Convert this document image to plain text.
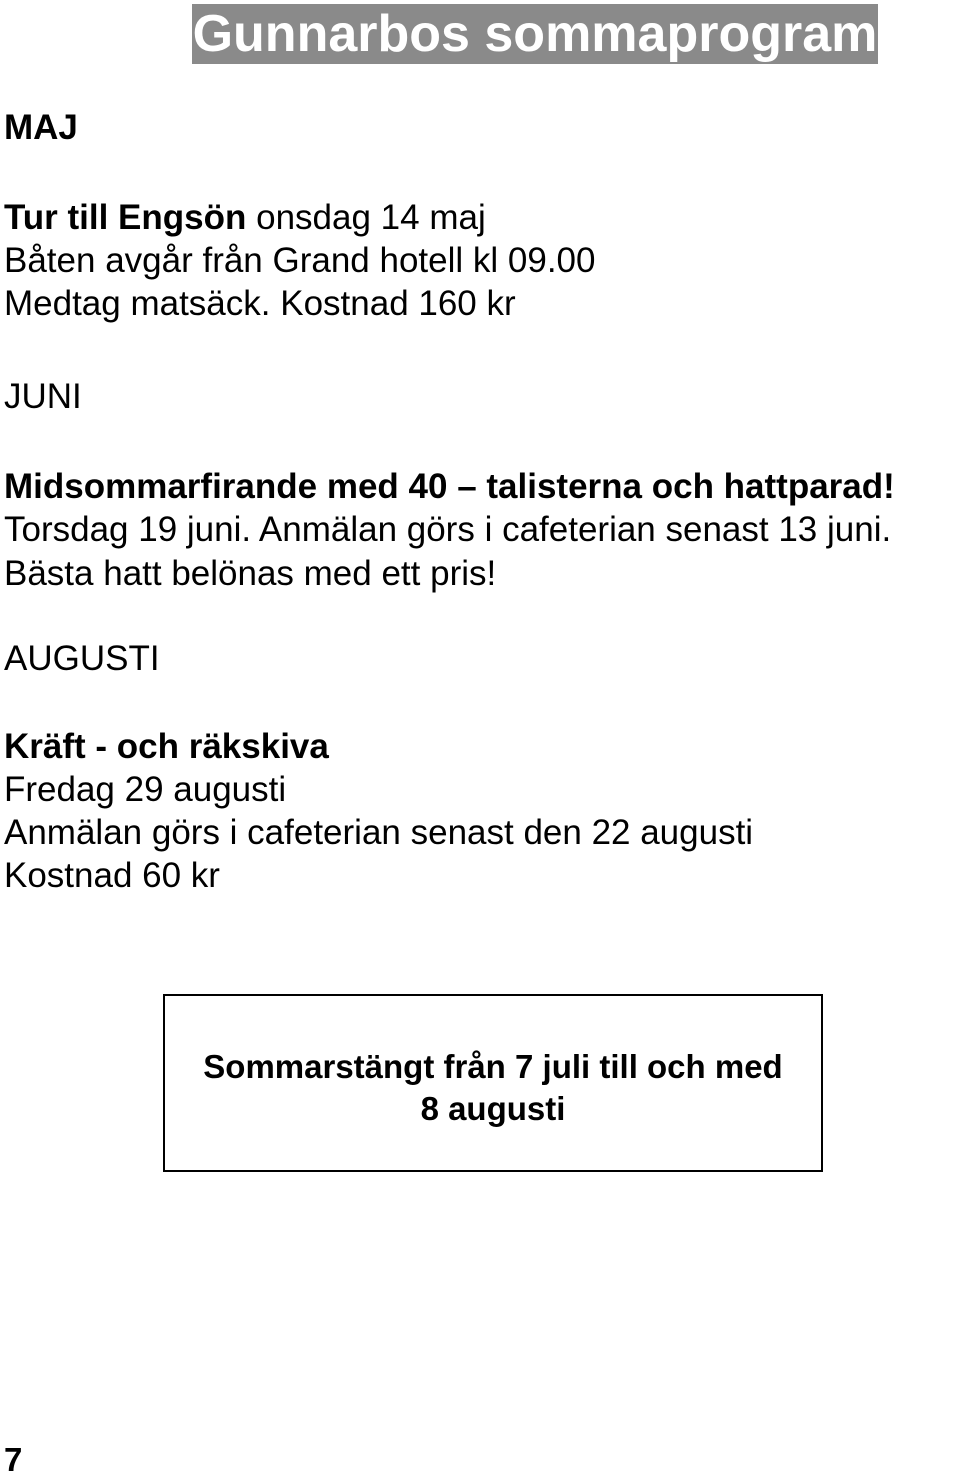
Gunnarbos sommaprogram
MAJ
Tur till Engsön onsdag 14 maj
Båten avgår från Grand hotell kl 09.00
Medtag matsäck. Kostnad 160 kr
JUNI
Midsommarfirande med 40 – talisterna och hattparad!
Torsdag 19 juni. Anmälan görs i cafeterian senast 13 juni.
Bästa hatt belönas med ett pris!
AUGUSTI
Kräft - och räkskiva
Fredag 29 augusti
Anmälan görs i cafeterian senast den 22 augusti
Kostnad 60 kr
Sommarstängt från 7 juli till och med
8 augusti
7
